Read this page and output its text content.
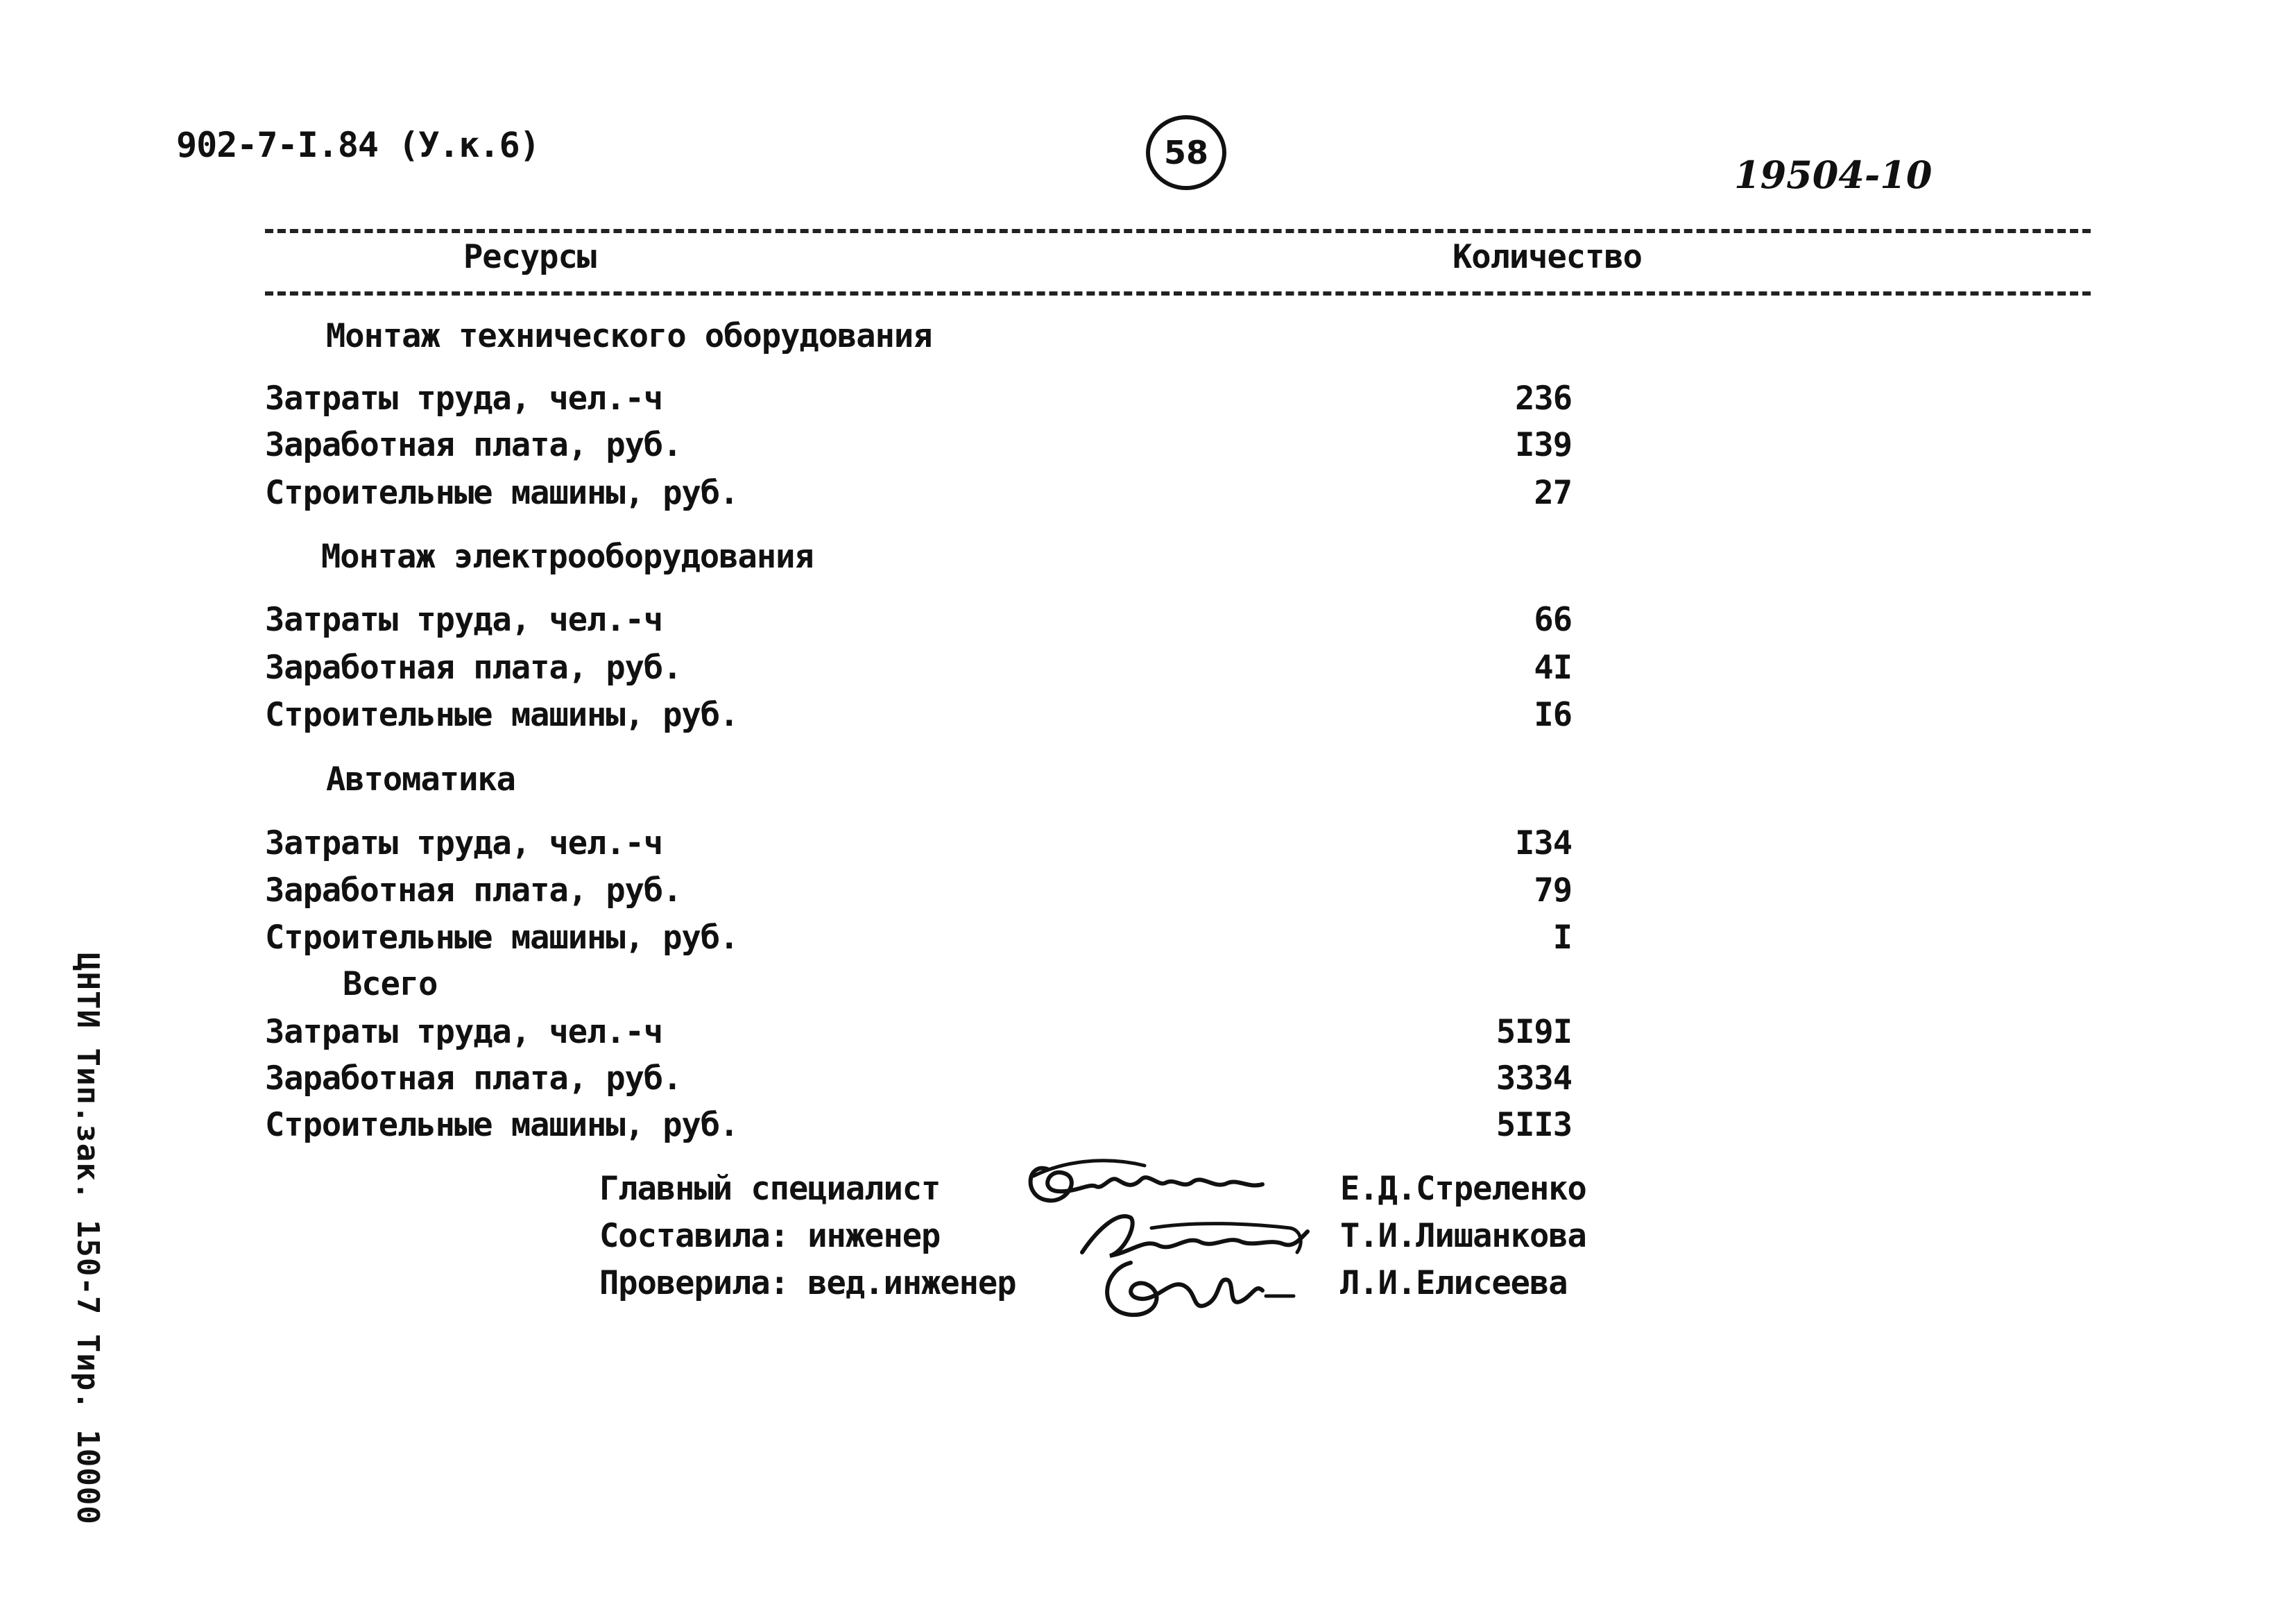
902-7-I.84 (У.к.6)	58	19504-10
Ресурсы	Количество
Монтаж технического оборудования
Затраты труда, чел.-ч	236
Заработная плата, руб.	I39
Строительные машины, руб.	27
Монтаж электрооборудования
Затраты труда, чел.-ч	66
Заработная плата, руб.	4I
Строительные машины, руб.	I6
Автоматика
Затраты труда, чел.-ч	I34
Заработная плата, руб.	79
Строительные машины, руб.	I
Всего
Затраты труда, чел.-ч	5I9I
Заработная плата, руб.	3334
Строительные машины, руб.	5II3
Главный специалист	Е.Д.Стреленко
Составила: инженер	Т.И.Лишанкова
Проверила: вед.инженер	Л.И.Елисеева
ЦНТИ Тип.зак. 150-7 Тир. 10000
